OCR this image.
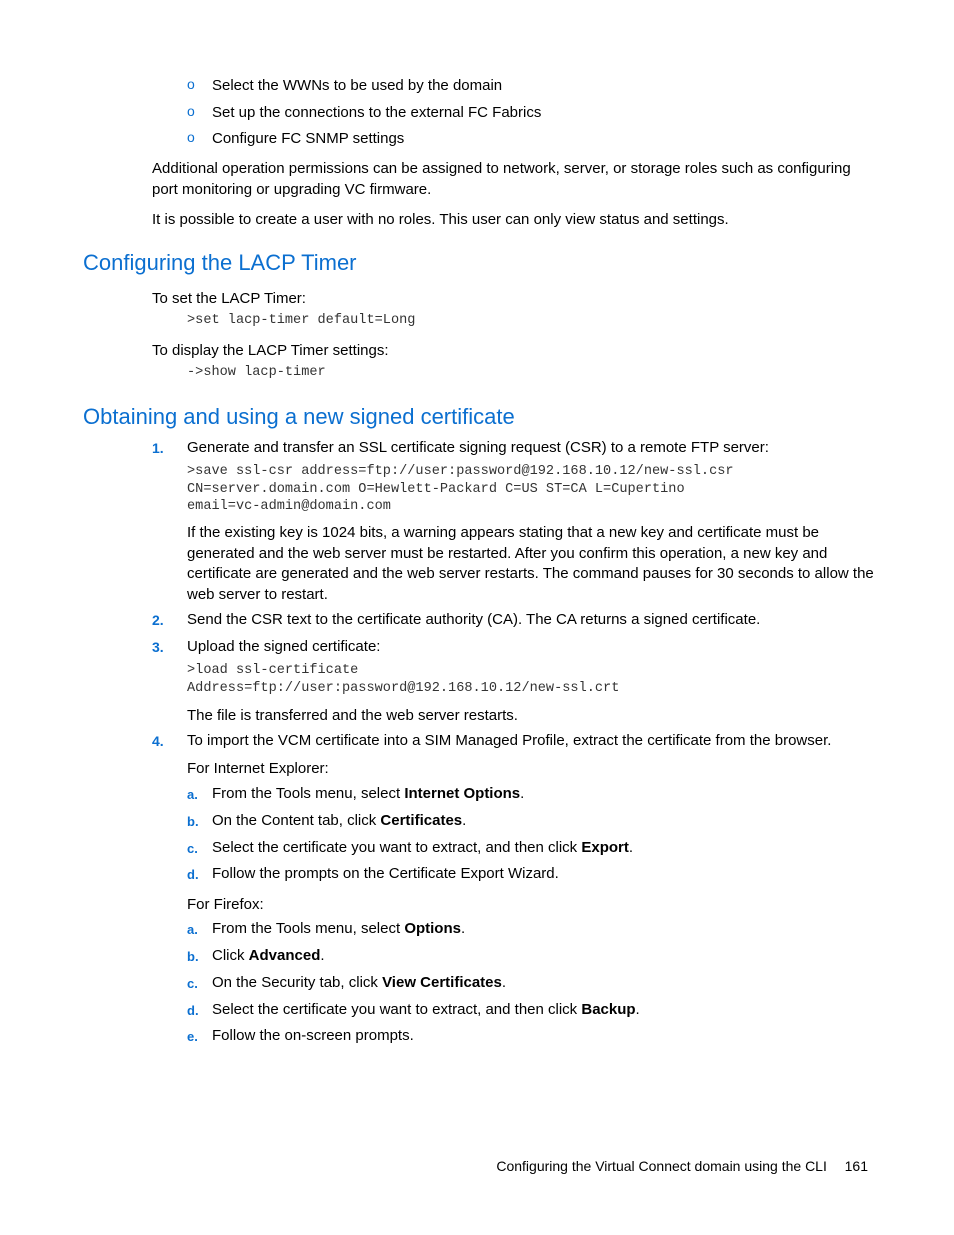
o Select the WWNs to be used by the domain
o Set up the connections to the external FC Fabrics
o Configure FC SNMP settings
Additional operation permissions can be assigned to network, server, or storage roles such as configuring port monitoring or upgrading VC firmware.
It is possible to create a user with no roles. This user can only view status and settings.
Configuring the LACP Timer
To set the LACP Timer:
>set lacp-timer default=Long
To display the LACP Timer settings:
->show lacp-timer
Obtaining and using a new signed certificate
1. Generate and transfer an SSL certificate signing request (CSR) to a remote FTP server:
>save ssl-csr address=ftp://user:password@192.168.10.12/new-ssl.csr
CN=server.domain.com O=Hewlett-Packard C=US ST=CA L=Cupertino
email=vc-admin@domain.com
If the existing key is 1024 bits, a warning appears stating that a new key and certificate must be generated and the web server must be restarted. After you confirm this operation, a new key and certificate are generated and the web server restarts. The command pauses for 30 seconds to allow the web server to restart.
2. Send the CSR text to the certificate authority (CA). The CA returns a signed certificate.
3. Upload the signed certificate:
>load ssl-certificate
Address=ftp://user:password@192.168.10.12/new-ssl.crt
The file is transferred and the web server restarts.
4. To import the VCM certificate into a SIM Managed Profile, extract the certificate from the browser.
For Internet Explorer:
a. From the Tools menu, select Internet Options.
b. On the Content tab, click Certificates.
c. Select the certificate you want to extract, and then click Export.
d. Follow the prompts on the Certificate Export Wizard.
For Firefox:
a. From the Tools menu, select Options.
b. Click Advanced.
c. On the Security tab, click View Certificates.
d. Select the certificate you want to extract, and then click Backup.
e. Follow the on-screen prompts.
Configuring the Virtual Connect domain using the CLI 161
